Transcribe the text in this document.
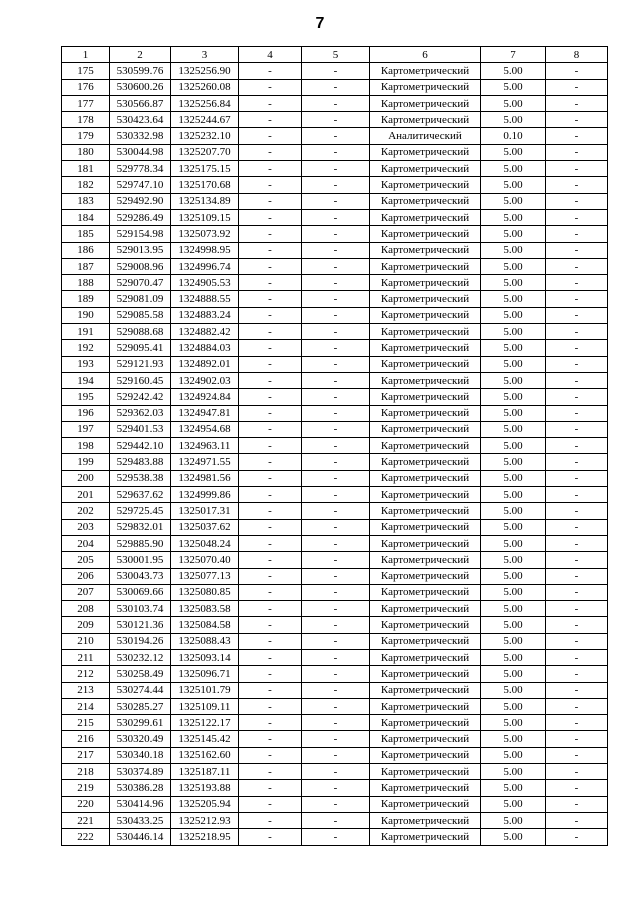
7
1	2	3	4	5	6	7	8
175	530599.76	1325256.90	-	-	Картометрический	5.00	-
176	530600.26	1325260.08	-	-	Картометрический	5.00	-
177	530566.87	1325256.84	-	-	Картометрический	5.00	-
178	530423.64	1325244.67	-	-	Картометрический	5.00	-
179	530332.98	1325232.10	-	-	Аналитический	0.10	-
180	530044.98	1325207.70	-	-	Картометрический	5.00	-
181	529778.34	1325175.15	-	-	Картометрический	5.00	-
182	529747.10	1325170.68	-	-	Картометрический	5.00	-
183	529492.90	1325134.89	-	-	Картометрический	5.00	-
184	529286.49	1325109.15	-	-	Картометрический	5.00	-
185	529154.98	1325073.92	-	-	Картометрический	5.00	-
186	529013.95	1324998.95	-	-	Картометрический	5.00	-
187	529008.96	1324996.74	-	-	Картометрический	5.00	-
188	529070.47	1324905.53	-	-	Картометрический	5.00	-
189	529081.09	1324888.55	-	-	Картометрический	5.00	-
190	529085.58	1324883.24	-	-	Картометрический	5.00	-
191	529088.68	1324882.42	-	-	Картометрический	5.00	-
192	529095.41	1324884.03	-	-	Картометрический	5.00	-
193	529121.93	1324892.01	-	-	Картометрический	5.00	-
194	529160.45	1324902.03	-	-	Картометрический	5.00	-
195	529242.42	1324924.84	-	-	Картометрический	5.00	-
196	529362.03	1324947.81	-	-	Картометрический	5.00	-
197	529401.53	1324954.68	-	-	Картометрический	5.00	-
198	529442.10	1324963.11	-	-	Картометрический	5.00	-
199	529483.88	1324971.55	-	-	Картометрический	5.00	-
200	529538.38	1324981.56	-	-	Картометрический	5.00	-
201	529637.62	1324999.86	-	-	Картометрический	5.00	-
202	529725.45	1325017.31	-	-	Картометрический	5.00	-
203	529832.01	1325037.62	-	-	Картометрический	5.00	-
204	529885.90	1325048.24	-	-	Картометрический	5.00	-
205	530001.95	1325070.40	-	-	Картометрический	5.00	-
206	530043.73	1325077.13	-	-	Картометрический	5.00	-
207	530069.66	1325080.85	-	-	Картометрический	5.00	-
208	530103.74	1325083.58	-	-	Картометрический	5.00	-
209	530121.36	1325084.58	-	-	Картометрический	5.00	-
210	530194.26	1325088.43	-	-	Картометрический	5.00	-
211	530232.12	1325093.14	-	-	Картометрический	5.00	-
212	530258.49	1325096.71	-	-	Картометрический	5.00	-
213	530274.44	1325101.79	-	-	Картометрический	5.00	-
214	530285.27	1325109.11	-	-	Картометрический	5.00	-
215	530299.61	1325122.17	-	-	Картометрический	5.00	-
216	530320.49	1325145.42	-	-	Картометрический	5.00	-
217	530340.18	1325162.60	-	-	Картометрический	5.00	-
218	530374.89	1325187.11	-	-	Картометрический	5.00	-
219	530386.28	1325193.88	-	-	Картометрический	5.00	-
220	530414.96	1325205.94	-	-	Картометрический	5.00	-
221	530433.25	1325212.93	-	-	Картометрический	5.00	-
222	530446.14	1325218.95	-	-	Картометрический	5.00	-
